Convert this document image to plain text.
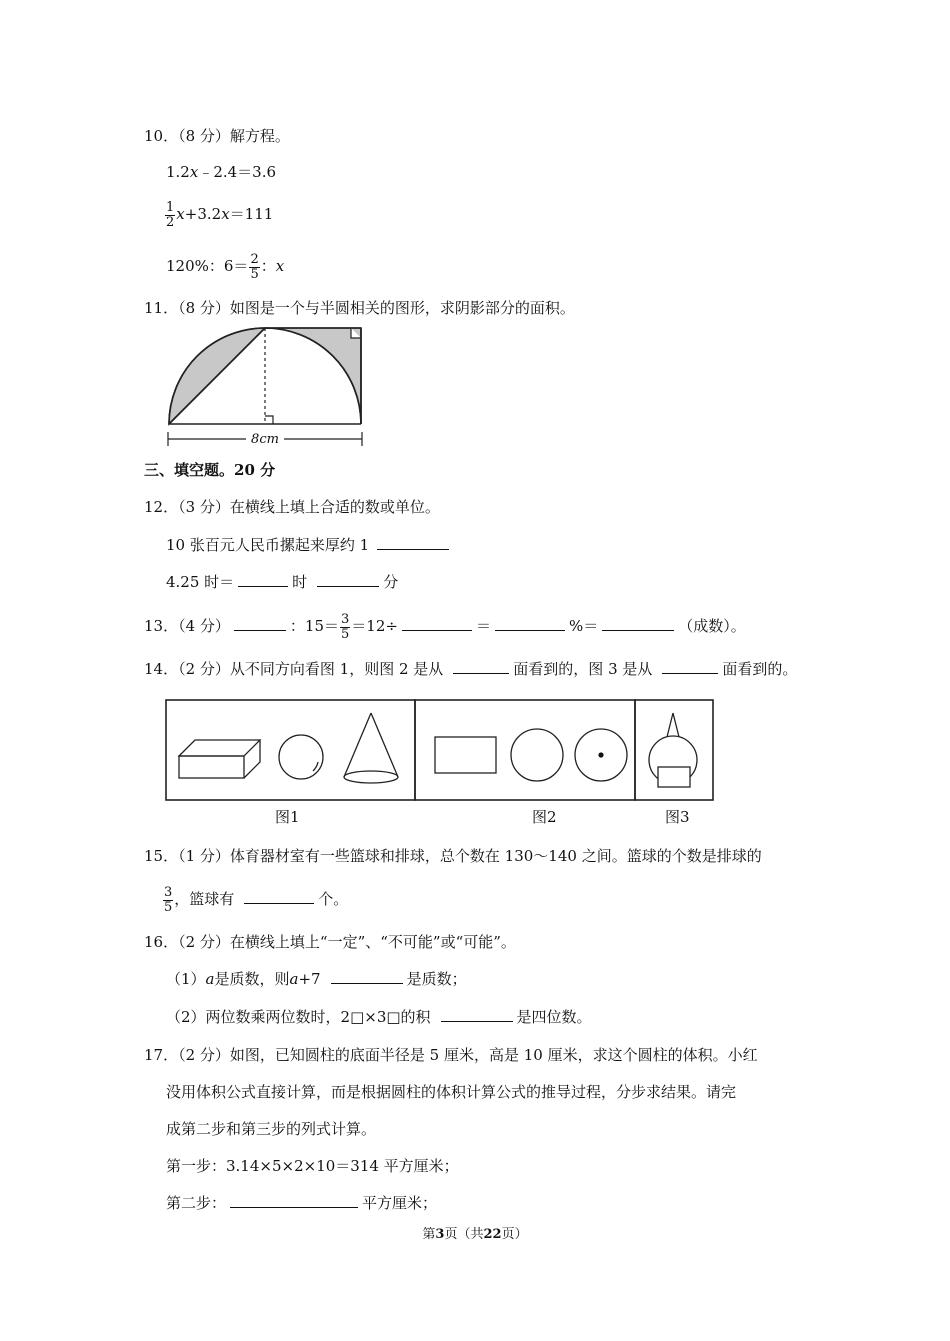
10．（8 分）解方程。
1.2x﹣2.4＝3.6
$\frac{1}{2} x+3.2x=111$
120%：$6= \frac{2}{5}$ ：x
11．（8 分）如图是一个与半圆相关的图形，求阴影部分的面积。
8cm
三、填空题。20 分
12．（3 分）在横线上填上合适的数或单位。
10 张百元人民币摞起来厚约 1
4.25 时＝	时	分
13．（4 分）	：$15= \frac{3}{5} =12\div$	＝	%＝	（成数）。
14．（2 分）从不同方向看图 1，则图 2 是从	面看到的，图 3 是从	面看到的。
图1	图2	图3
15．（1 分）体育器材室有一些篮球和排球，总个数在 130～140 之间。篮球的个数是排球的
$\frac{3}{5}$ ，篮球有	个。
16．（2 分）在横线上填上“一定”、“不可能”或“可能”。
（1）a是质数，则a+7	是质数；
（2）两位数乘两位数时，2□×3□的积	是四位数。
17．（2 分）如图，已知圆柱的底面半径是 5 厘米，高是 10 厘米，求这个圆柱的体积。小红
没用体积公式直接计算，而是根据圆柱的体积计算公式的推导过程，分步求结果。请完
成第二步和第三步的列式计算。
第一步：3.14×5×2×10＝314 平方厘米；
第二步：	平方厘米；
第3页（共22页）
